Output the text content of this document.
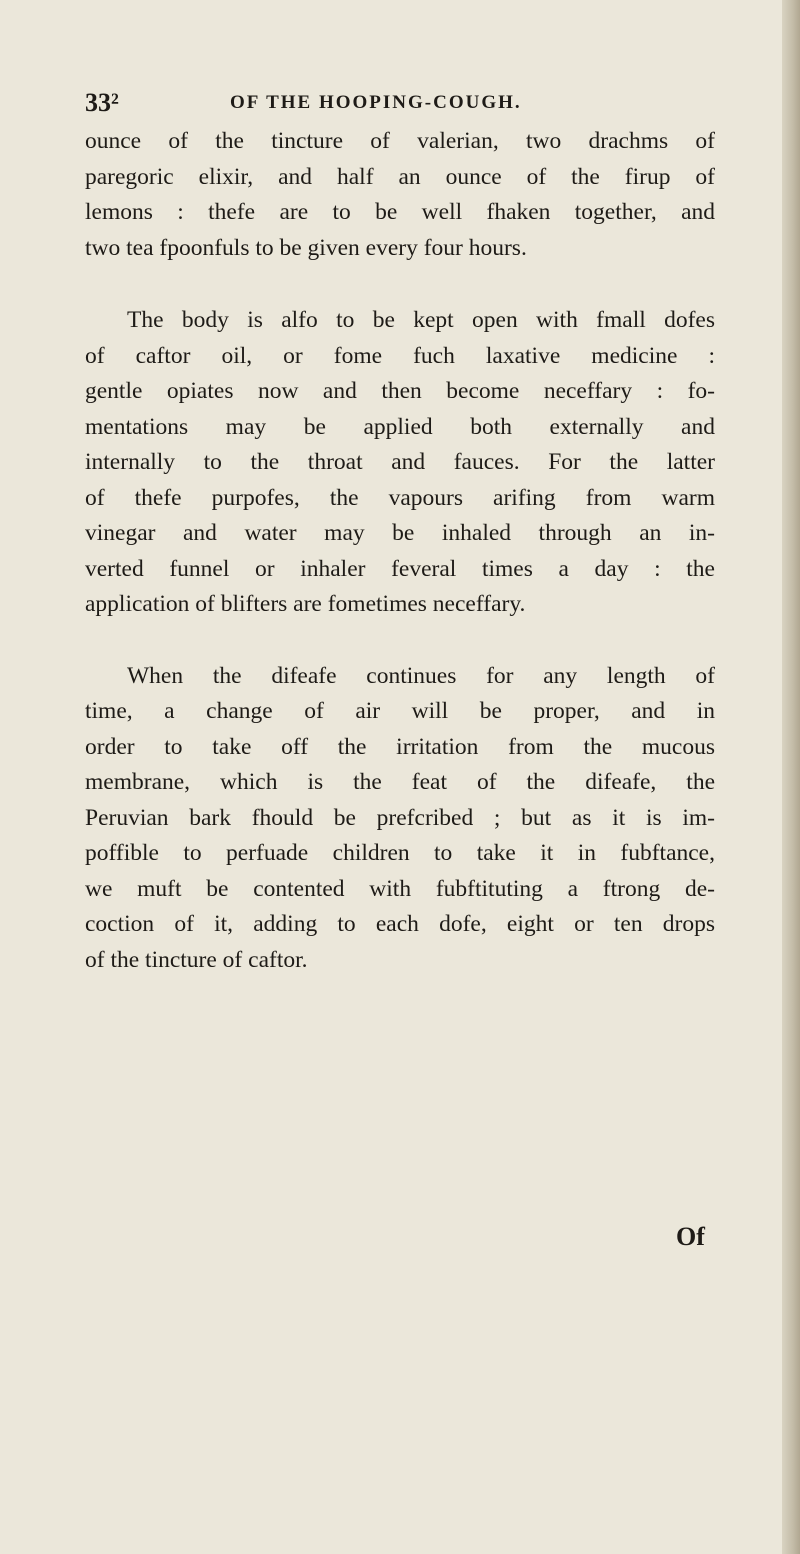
33²	OF THE HOOPING-COUGH.
ounce of the tincture of valerian, two drachms of
paregoric elixir, and half an ounce of the firup of
lemons : thefe are to be well fhaken together, and
two tea fpoonfuls to be given every four hours.
The body is alfo to be kept open with fmall dofes
of caftor oil, or fome fuch laxative medicine :
gentle opiates now and then become neceffary : fo-
mentations may be applied both externally and
internally to the throat and fauces. For the latter
of thefe purpofes, the vapours arifing from warm
vinegar and water may be inhaled through an in-
verted funnel or inhaler feveral times a day : the
application of blifters are fometimes neceffary.
When the difeafe continues for any length of
time, a change of air will be proper, and in
order to take off the irritation from the mucous
membrane, which is the feat of the difeafe, the
Peruvian bark fhould be prefcribed ; but as it is im-
poffible to perfuade children to take it in fubftance,
we muft be contented with fubftituting a ftrong de-
coction of it, adding to each dofe, eight or ten drops
of the tincture of caftor.
Of
